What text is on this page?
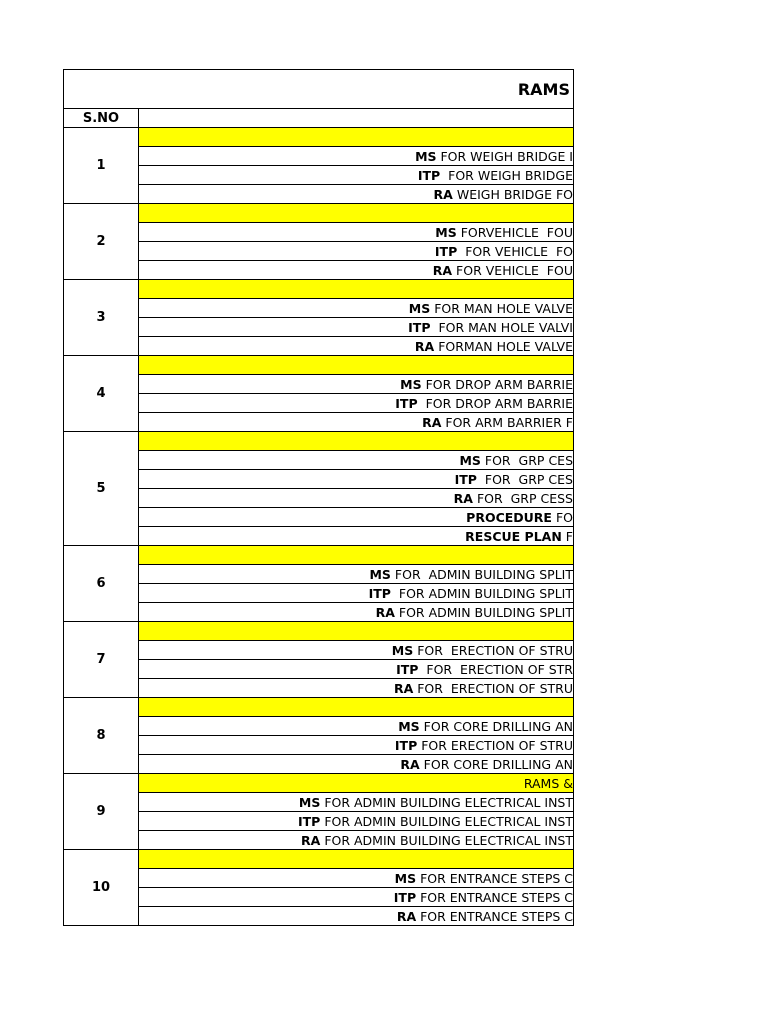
RAMS	
S.NO	
1	
	MS FOR WEIGH BRIDGE I
	ITP  FOR WEIGH BRIDGE
	RA WEIGH BRIDGE FO
2	
	MS FORVEHICLE  FOU
	ITP  FOR VEHICLE  FO
	RA FOR VEHICLE  FOU
3	
	MS FOR MAN HOLE VALVE
	ITP  FOR MAN HOLE VALVI
	RA FORMAN HOLE VALVE
4	
	MS FOR DROP ARM BARRIE
	ITP  FOR DROP ARM BARRIE
	RA FOR ARM BARRIER F
5	
	MS FOR  GRP CES
	ITP  FOR  GRP CES
	RA FOR  GRP CESS
	PROCEDURE FO
	RESCUE PLAN F
6	
	MS FOR  ADMIN BUILDING SPLIT
	ITP  FOR ADMIN BUILDING SPLIT
	RA FOR ADMIN BUILDING SPLIT
7	
	MS FOR  ERECTION OF STRU
	ITP  FOR  ERECTION OF STR
	RA FOR  ERECTION OF STRU
8	
	MS FOR CORE DRILLING AN
	ITP FOR ERECTION OF STRU
	RA FOR CORE DRILLING AN
9	RAMS &
	MS FOR ADMIN BUILDING ELECTRICAL INST
	ITP FOR ADMIN BUILDING ELECTRICAL INST
	RA FOR ADMIN BUILDING ELECTRICAL INST
10	
	MS FOR ENTRANCE STEPS C
	ITP FOR ENTRANCE STEPS C
	RA FOR ENTRANCE STEPS C
